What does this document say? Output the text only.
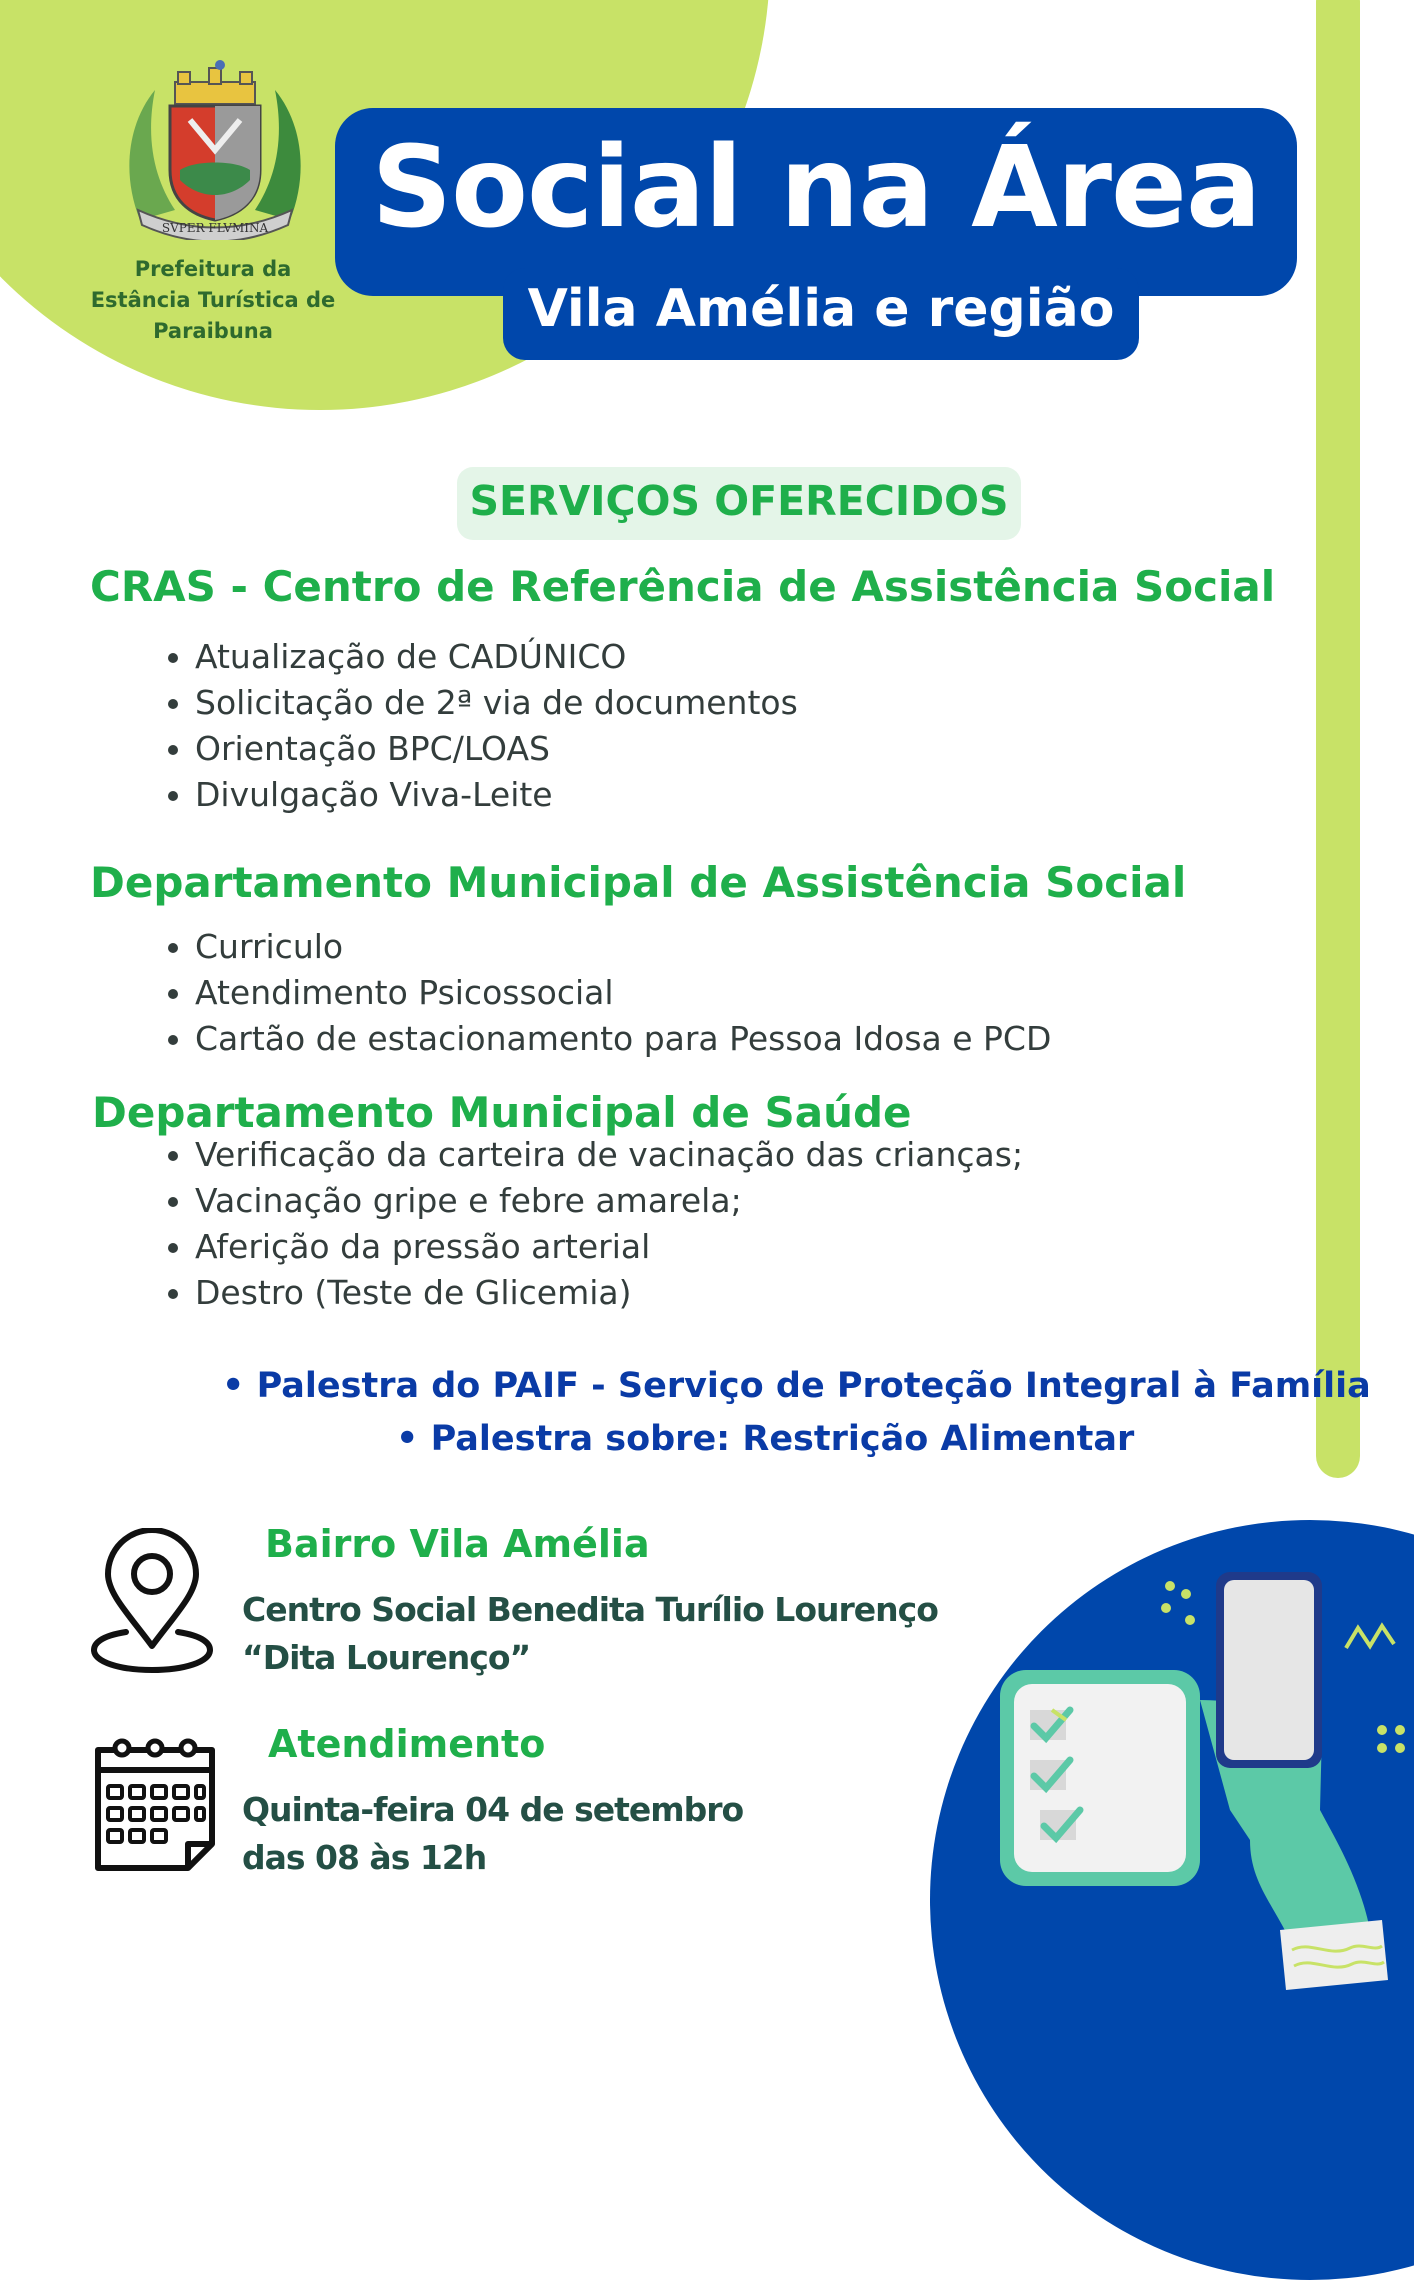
SVPER FLVMINA
Prefeitura da
Estância Turística de
Paraibuna
Social na Área
Vila Amélia e região
SERVIÇOS OFERECIDOS
CRAS - Centro de Referência de Assistência Social
• Atualização de CADÚNICO
• Solicitação de 2ª via de documentos
• Orientação BPC/LOAS
• Divulgação Viva-Leite
Departamento Municipal de Assistência Social
• Curriculo
• Atendimento Psicossocial
• Cartão de estacionamento para Pessoa Idosa e PCD
Departamento Municipal de Saúde
• Verificação da carteira de vacinação das crianças;
• Vacinação gripe e febre amarela;
• Aferição da pressão arterial
• Destro (Teste de Glicemia)
• Palestra do PAIF - Serviço de Proteção Integral à Família
• Palestra sobre: Restrição Alimentar
Bairro Vila Amélia
Centro Social Benedita Turílio Lourenço
“Dita Lourenço”
Atendimento
Quinta-feira 04 de setembro
das 08 às 12h
